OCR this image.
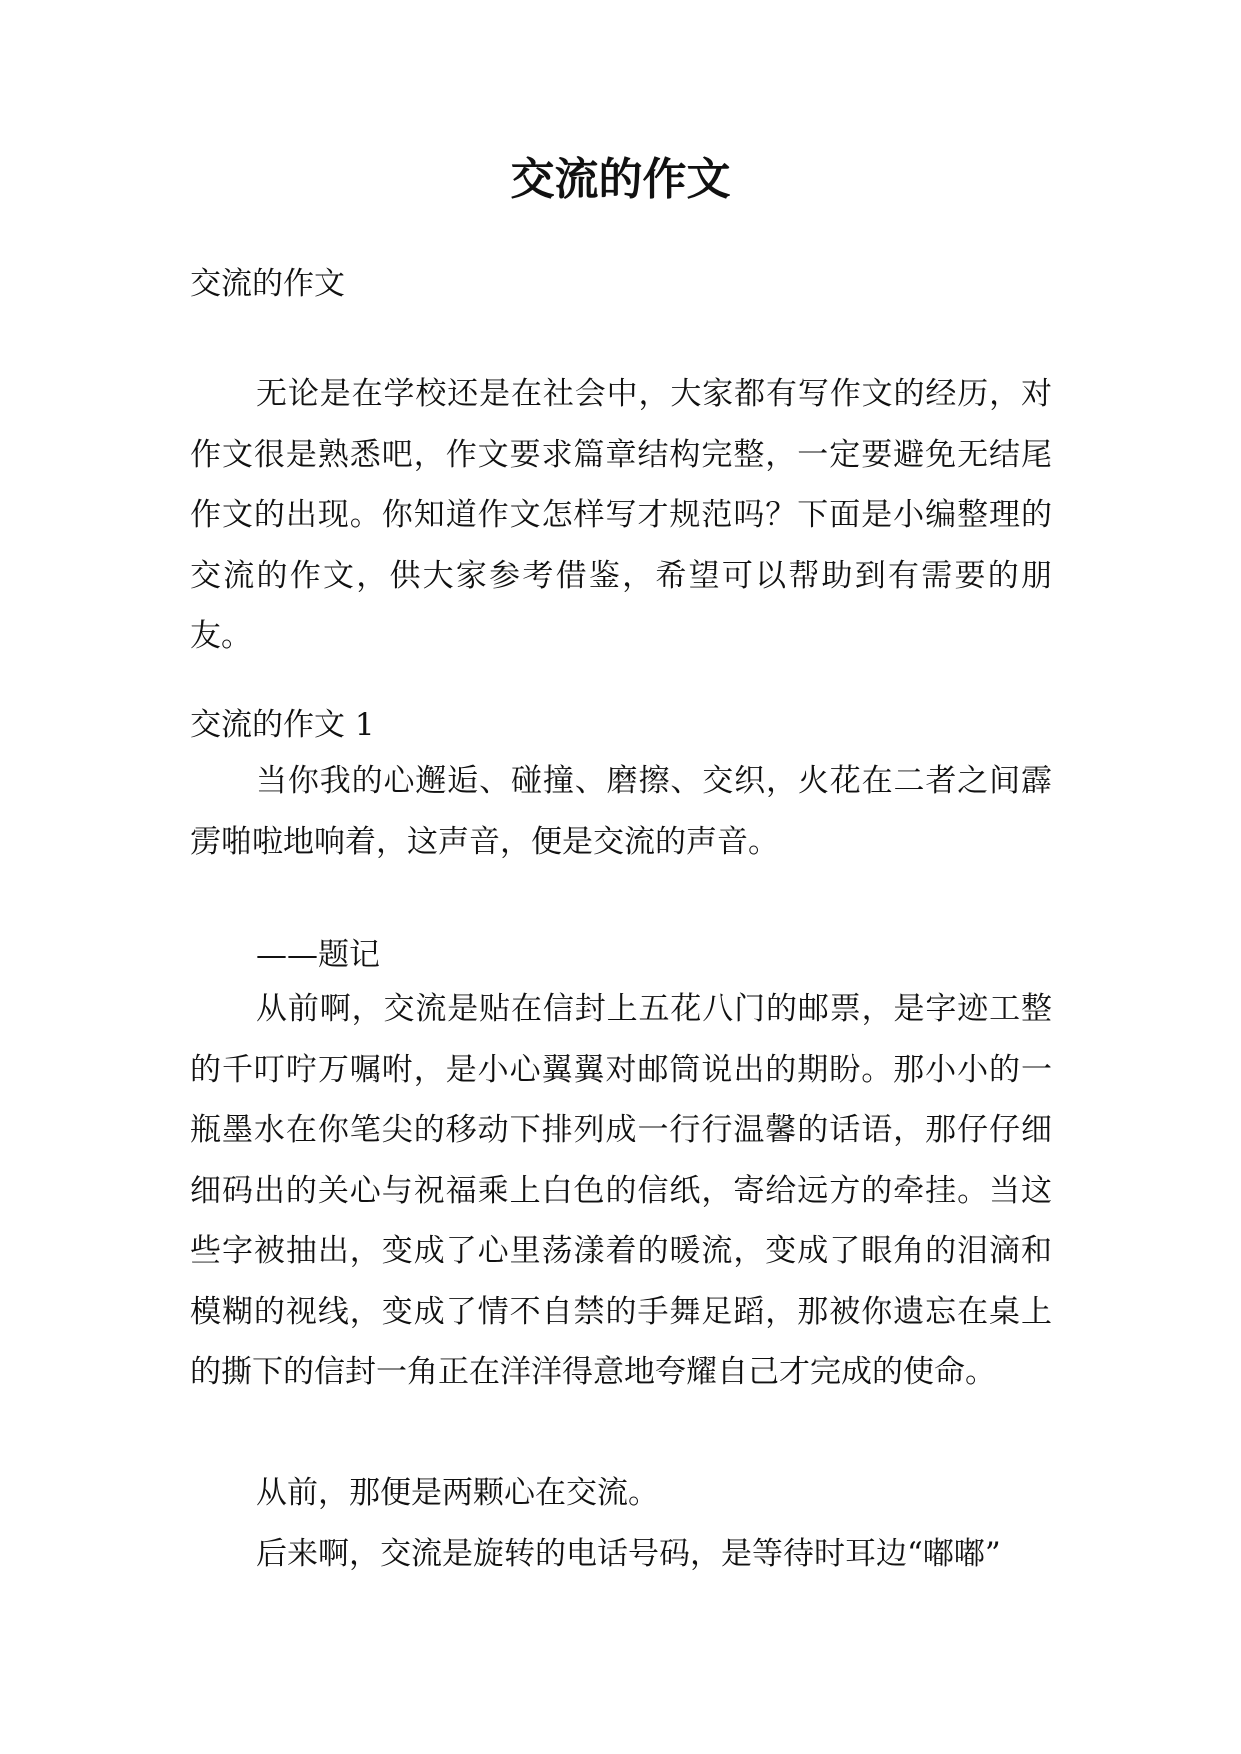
交流的作文
交流的作文

无论是在学校还是在社会中，大家都有写作文的经历，对作文很是熟悉吧，作文要求篇章结构完整，一定要避免无结尾作文的出现。你知道作文怎样写才规范吗？下面是小编整理的交流的作文，供大家参考借鉴，希望可以帮助到有需要的朋友。

交流的作文 1

当你我的心邂逅、碰撞、磨擦、交织，火花在二者之间霹雳啪啦地响着，这声音，便是交流的声音。

——题记

从前啊，交流是贴在信封上五花八门的邮票，是字迹工整的千叮咛万嘱咐，是小心翼翼对邮筒说出的期盼。那小小的一瓶墨水在你笔尖的移动下排列成一行行温馨的话语，那仔仔细细码出的关心与祝福乘上白色的信纸，寄给远方的牵挂。当这些字被抽出，变成了心里荡漾着的暖流，变成了眼角的泪滴和模糊的视线，变成了情不自禁的手舞足蹈，那被你遗忘在桌上的撕下的信封一角正在洋洋得意地夸耀自己才完成的使命。

从前，那便是两颗心在交流。

后来啊，交流是旋转的电话号码，是等待时耳边“嘟嘟”
